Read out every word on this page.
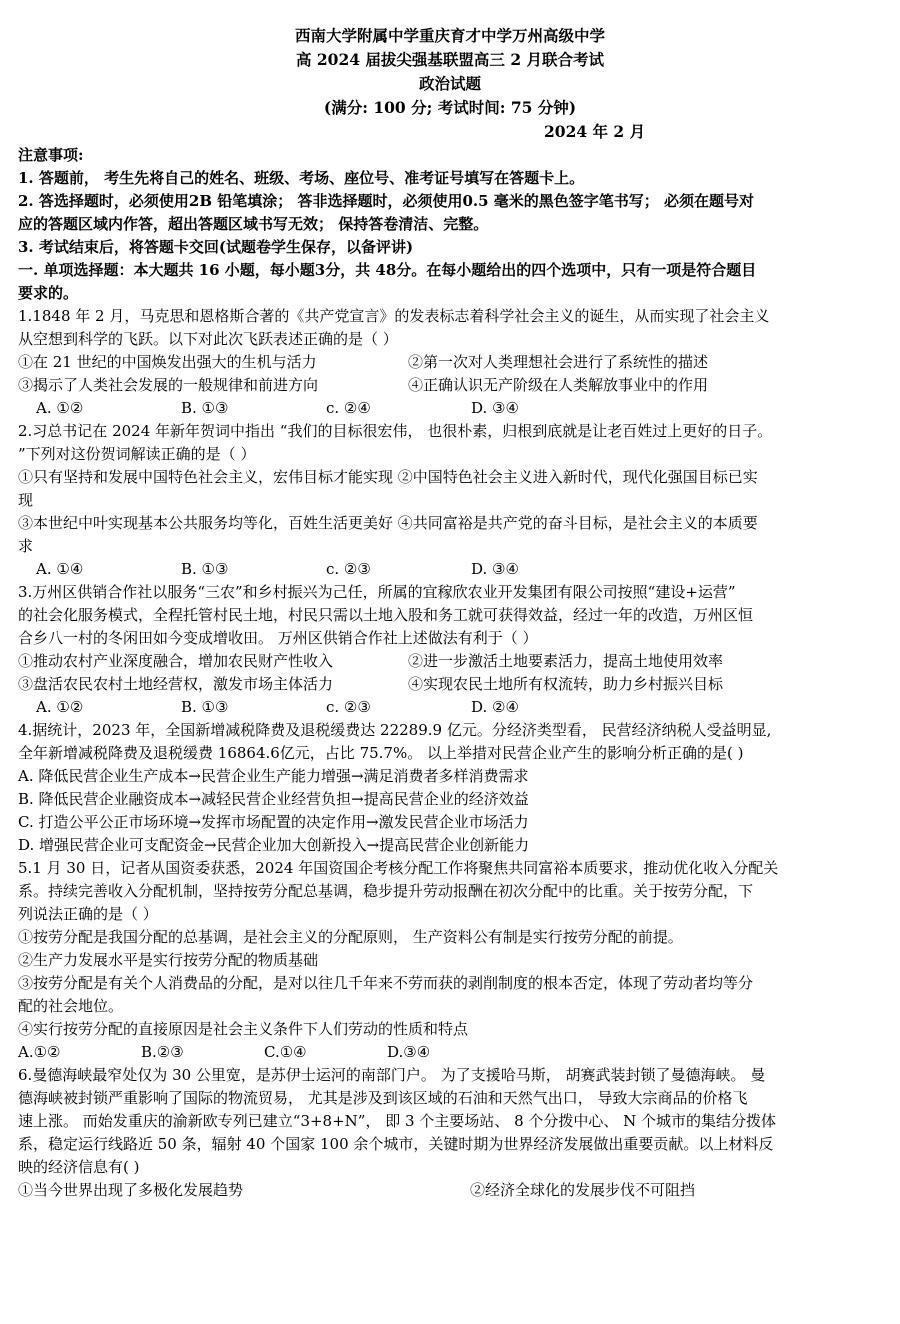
西南大学附属中学重庆育才中学万州高级中学
高 2024 届拔尖强基联盟高三 2 月联合考试
政治试题
(满分: 100 分; 考试时间: 75 分钟)
2024 年 2 月
注意事项:
1. 答题前， 考生先将自己的姓名、班级、考场、座位号、准考证号填写在答题卡上。
2. 答选择题时，必须使用2B 铅笔填涂； 答非选择题时，必须使用0.5 毫米的黑色签字笔书写； 必须在题号对
应的答题区域内作答，超出答题区域书写无效； 保持答卷清洁、完整。
3. 考试结束后，将答题卡交回(试题卷学生保存，以备评讲)
一. 单项选择题：本大题共 16 小题，每小题3分，共 48分。在每小题给出的四个选项中，只有一项是符合题目
要求的。
1.1848 年 2 月，马克思和恩格斯合著的《共产党宣言》的发表标志着科学社会主义的诞生，从而实现了社会主义
从空想到科学的飞跃。以下对此次飞跃表述正确的是（ ）
①在 21 世纪的中国焕发出强大的生机与活力	②第一次对人类理想社会进行了系统性的描述
③揭示了人类社会发展的一般规律和前进方向	④正确认识无产阶级在人类解放事业中的作用
A. ①②	B. ①③	c. ②④	D. ③④
2.习总书记在 2024 年新年贺词中指出 “我们的目标很宏伟， 也很朴素，归根到底就是让老百姓过上更好的日子。
”下列对这份贺词解读正确的是（ ）
①只有坚持和发展中国特色社会主义，宏伟目标才能实现 ②中国特色社会主义进入新时代，现代化强国目标已实
现
③本世纪中叶实现基本公共服务均等化，百姓生活更美好 ④共同富裕是共产党的奋斗目标，是社会主义的本质要
求
A. ①④	B. ①③	c. ②③	D. ③④
3.万州区供销合作社以服务“三农”和乡村振兴为己任，所属的宜稼欣农业开发集团有限公司按照“建设+运营”
的社会化服务模式，全程托管村民土地，村民只需以土地入股和务工就可获得效益，经过一年的改造，万州区恒
合乡八一村的冬闲田如今变成增收田。 万州区供销合作社上述做法有利于（ ）
①推动农村产业深度融合，增加农民财产性收入	②进一步激活土地要素活力，提高土地使用效率
③盘活农民农村土地经营权，激发市场主体活力	④实现农民土地所有权流转，助力乡村振兴目标
A. ①②	B. ①③	c. ②③	D. ②④
4.据统计，2023 年，全国新增减税降费及退税缓费达 22289.9 亿元。分经济类型看， 民营经济纳税人受益明显,
全年新增减税降费及退税缓费 16864.6亿元，占比 75.7%。 以上举措对民营企业产生的影响分析正确的是( )
A. 降低民营企业生产成本→民营企业生产能力增强→满足消费者多样消费需求
B. 降低民营企业融资成本→减轻民营企业经营负担→提高民营企业的经济效益
C. 打造公平公正市场环境→发挥市场配置的决定作用→激发民营企业市场活力
D. 增强民营企业可支配资金→民营企业加大创新投入→提高民营企业创新能力
5.1 月 30 日，记者从国资委获悉，2024 年国资国企考核分配工作将聚焦共同富裕本质要求，推动优化收入分配关
系。持续完善收入分配机制，坚持按劳分配总基调，稳步提升劳动报酬在初次分配中的比重。关于按劳分配，下
列说法正确的是（ ）
①按劳分配是我国分配的总基调，是社会主义的分配原则， 生产资料公有制是实行按劳分配的前提。
②生产力发展水平是实行按劳分配的物质基础
③按劳分配是有关个人消费品的分配，是对以往几千年来不劳而获的剥削制度的根本否定，体现了劳动者均等分
配的社会地位。
④实行按劳分配的直接原因是社会主义条件下人们劳动的性质和特点
A.①②	B.②③	C.①④	D.③④
6.曼德海峡最窄处仅为 30 公里宽，是苏伊士运河的南部门户。 为了支援哈马斯， 胡赛武装封锁了曼德海峡。 曼
德海峡被封锁严重影响了国际的物流贸易， 尤其是涉及到该区域的石油和天然气出口， 导致大宗商品的价格飞
速上涨。 而始发重庆的渝新欧专列已建立“3+8+N”， 即 3 个主要场站、 8 个分拨中心、 N 个城市的集结分拨体
系，稳定运行线路近 50 条，辐射 40 个国家 100 余个城市，关键时期为世界经济发展做出重要贡献。以上材料反
映的经济信息有( )
①当今世界出现了多极化发展趋势	②经济全球化的发展步伐不可阻挡
